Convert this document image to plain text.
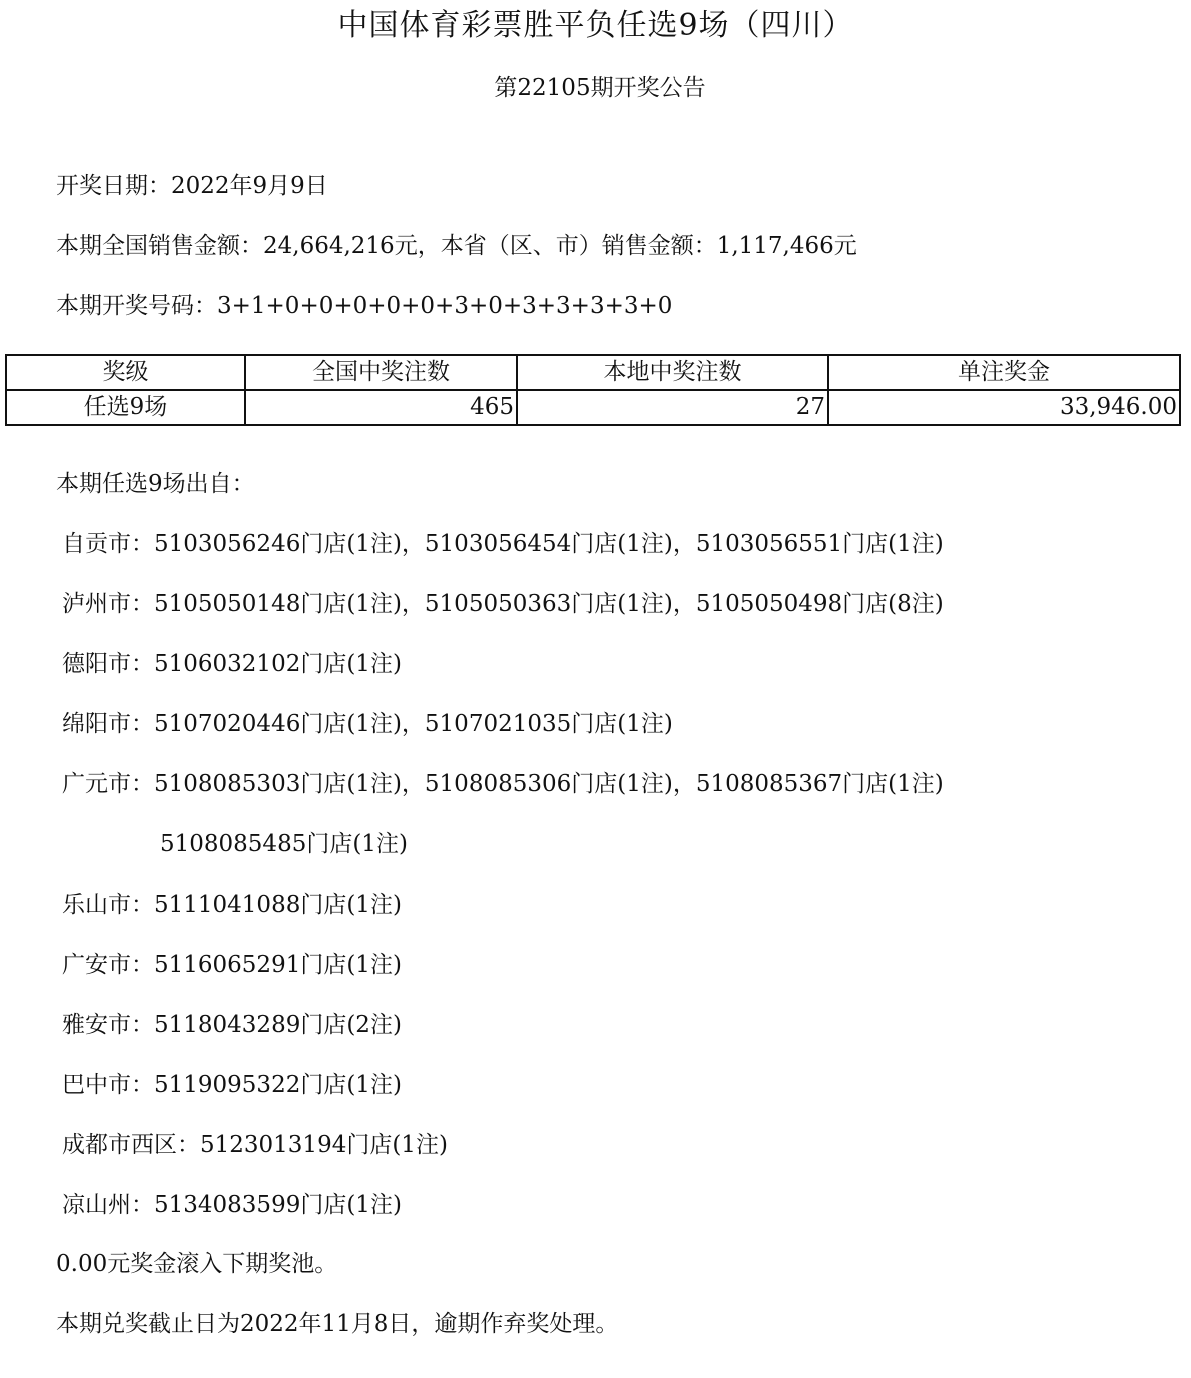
中国体育彩票胜平负任选9场（四川）
第22105期开奖公告
开奖日期：2022年9月9日
本期全国销售金额：24,664,216元，本省（区、市）销售金额：1,117,466元
本期开奖号码：3+1+0+0+0+0+0+3+0+3+3+3+3+0
奖级	全国中奖注数	本地中奖注数	单注奖金
任选9场	465	27	33,946.00
本期任选9场出自：
自贡市：5103056246门店(1注)，5103056454门店(1注)，5103056551门店(1注)
泸州市：5105050148门店(1注)，5105050363门店(1注)，5105050498门店(8注)
德阳市：5106032102门店(1注)
绵阳市：5107020446门店(1注)，5107021035门店(1注)
广元市：5108085303门店(1注)，5108085306门店(1注)，5108085367门店(1注)
5108085485门店(1注)
乐山市：5111041088门店(1注)
广安市：5116065291门店(1注)
雅安市：5118043289门店(2注)
巴中市：5119095322门店(1注)
成都市西区：5123013194门店(1注)
凉山州：5134083599门店(1注)
0.00元奖金滚入下期奖池。
本期兑奖截止日为2022年11月8日，逾期作弃奖处理。
